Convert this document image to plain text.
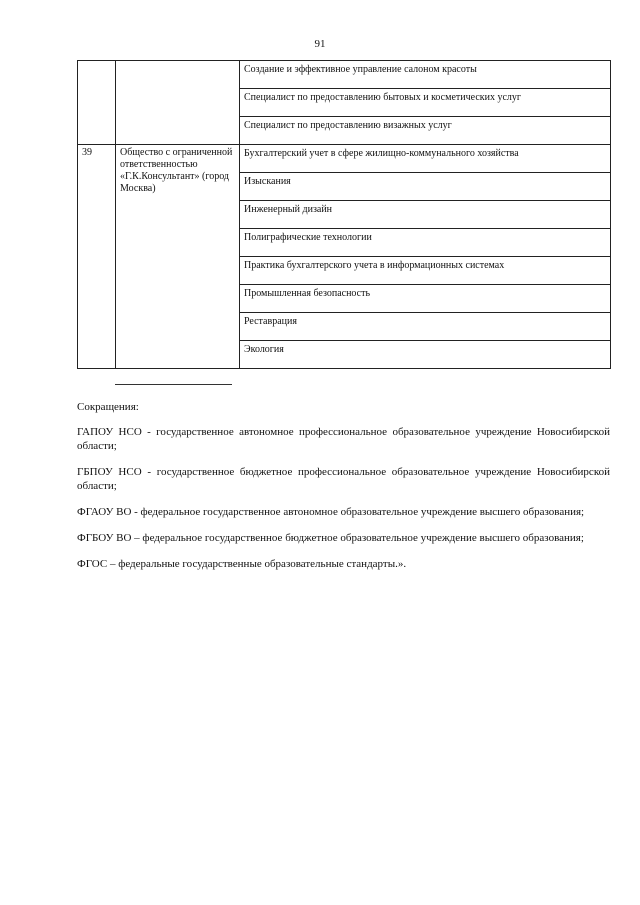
91
		Создание и эффективное управление салоном красоты
		Специалист по предоставлению бытовых и косметических услуг
		Специалист по предоставлению визажных услуг
39	Общество с ограниченной ответственностью «Г.К.Консультант» (город Москва)	Бухгалтерский учет в сфере жилищно-коммунального хозяйства
		Изыскания
		Инженерный дизайн
		Полиграфические технологии
		Практика бухгалтерского учета в информационных системах
		Промышленная безопасность
		Реставрация
		Экология

Сокращения:

ГАПОУ НСО - государственное автономное профессиональное образовательное учреждение Новосибирской области;

ГБПОУ НСО - государственное бюджетное профессиональное образовательное учреждение Новосибирской области;

ФГАОУ ВО - федеральное государственное автономное образовательное учреждение высшего образования;

ФГБОУ ВО – федеральное государственное бюджетное образовательное учреждение высшего образования;

ФГОС – федеральные государственные образовательные стандарты.».
